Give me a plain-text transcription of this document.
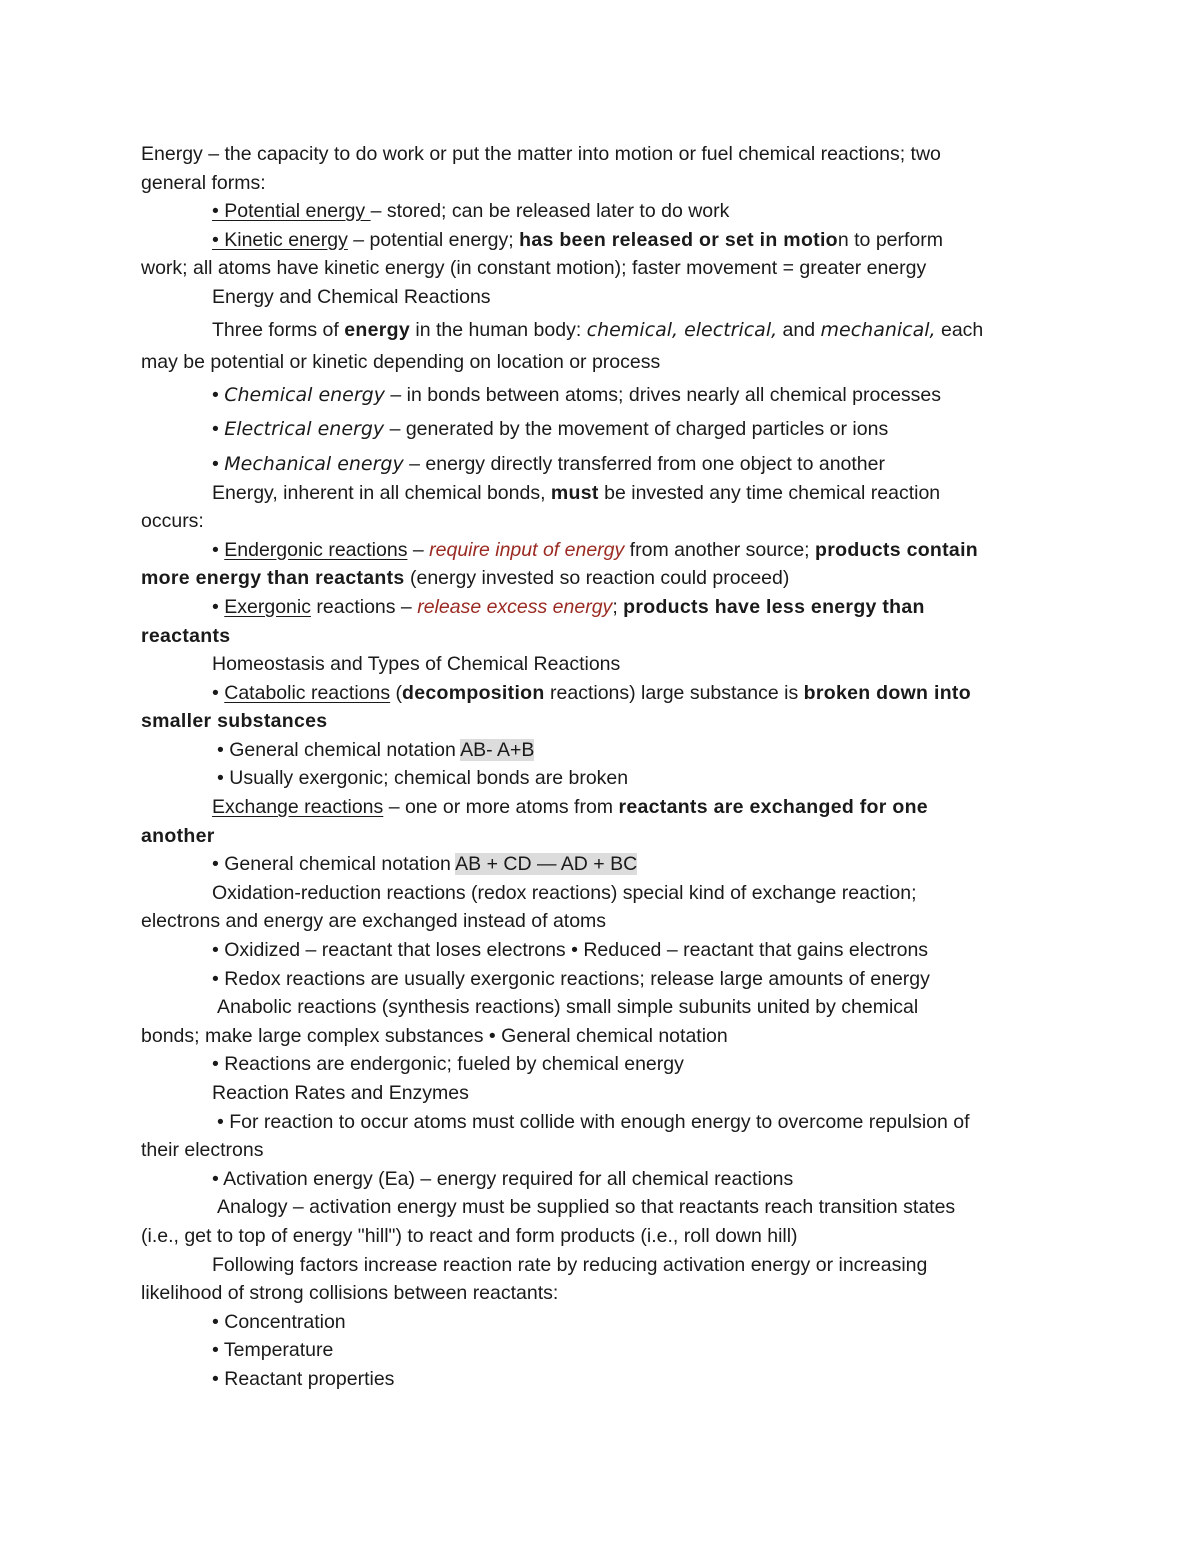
Energy – the capacity to do work or put the matter into motion or fuel chemical reactions; two
general forms:
• Potential energy – stored; can be released later to do work
• Kinetic energy – potential energy; has been released or set in motion to perform
work; all atoms have kinetic energy (in constant motion); faster movement = greater energy
Energy and Chemical Reactions
Three forms of energy in the human body: chemical, electrical, and mechanical, each
may be potential or kinetic depending on location or process
• Chemical energy – in bonds between atoms; drives nearly all chemical processes
• Electrical energy – generated by the movement of charged particles or ions
• Mechanical energy – energy directly transferred from one object to another
Energy, inherent in all chemical bonds, must be invested any time chemical reaction
occurs:
• Endergonic reactions – require input of energy from another source; products contain
more energy than reactants (energy invested so reaction could proceed)
• Exergonic reactions – release excess energy; products have less energy than
reactants
Homeostasis and Types of Chemical Reactions
• Catabolic reactions (decomposition reactions) large substance is broken down into
smaller substances
• General chemical notation AB- A+B
• Usually exergonic; chemical bonds are broken
Exchange reactions – one or more atoms from reactants are exchanged for one
another
• General chemical notation AB + CD — AD + BC
Oxidation-reduction reactions (redox reactions) special kind of exchange reaction;
electrons and energy are exchanged instead of atoms
• Oxidized – reactant that loses electrons • Reduced – reactant that gains electrons
• Redox reactions are usually exergonic reactions; release large amounts of energy
Anabolic reactions (synthesis reactions) small simple subunits united by chemical
bonds; make large complex substances • General chemical notation
• Reactions are endergonic; fueled by chemical energy
Reaction Rates and Enzymes
• For reaction to occur atoms must collide with enough energy to overcome repulsion of
their electrons
• Activation energy (Ea) – energy required for all chemical reactions
Analogy – activation energy must be supplied so that reactants reach transition states
(i.e., get to top of energy "hill") to react and form products (i.e., roll down hill)
Following factors increase reaction rate by reducing activation energy or increasing
likelihood of strong collisions between reactants:
• Concentration
• Temperature
• Reactant properties
